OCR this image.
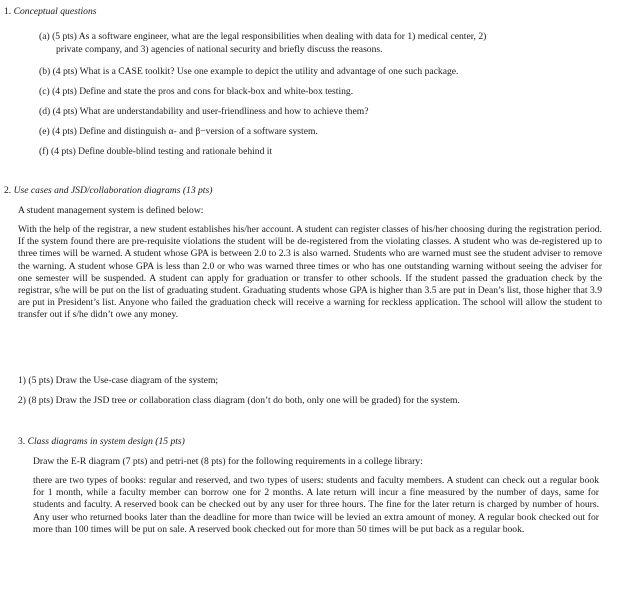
1. Conceptual questions
(a) (5 pts) As a software engineer, what are the legal responsibilities when dealing with data for 1) medical center, 2)
private company, and 3) agencies of national security and briefly discuss the reasons.
(b) (4 pts) What is a CASE toolkit? Use one example to depict the utility and advantage of one such package.
(c) (4 pts) Define and state the pros and cons for black-box and white-box testing.
(d) (4 pts) What are understandability and user-friendliness and how to achieve them?
(e) (4 pts) Define and distinguish α- and β−version of a software system.
(f) (4 pts) Define double-blind testing and rationale behind it
2. Use cases and JSD/collaboration diagrams (13 pts)
A student management system is defined below:
With the help of the registrar, a new student establishes his/her account. A student can register classes of his/her choosing during the registration period. If the system found there are pre-requisite violations the student will be de-registered from the violating classes. A student who was de-registered up to three times will be warned. A student whose GPA is between 2.0 to 2.3 is also warned. Students who are warned must see the student adviser to remove the warning. A student whose GPA is less than 2.0 or who was warned three times or who has one outstanding warning without seeing the adviser for one semester will be suspended. A student can apply for graduation or transfer to other schools. If the student passed the graduation check by the registrar, s/he will be put on the list of graduating student. Graduating students whose GPA is higher than 3.5 are put in Dean’s list, those higher that 3.9 are put in President’s list. Anyone who failed the graduation check will receive a warning for reckless application. The school will allow the student to transfer out if s/he didn’t owe any money.
1) (5 pts) Draw the Use-case diagram of the system;
2) (8 pts) Draw the JSD tree or collaboration class diagram (don’t do both, only one will be graded) for the system.
3. Class diagrams in system design (15 pts)
Draw the E-R diagram (7 pts) and petri-net (8 pts) for the following requirements in a college library:
there are two types of books: regular and reserved, and two types of users: students and faculty members. A student can check out a regular book for 1 month, while a faculty member can borrow one for 2 months. A late return will incur a fine measured by the number of days, same for students and faculty. A reserved book can be checked out by any user for three hours. The fine for the later return is charged by number of hours. Any user who returned books later than the deadline for more than twice will be levied an extra amount of money. A regular book checked out for more than 100 times will be put on sale. A reserved book checked out for more than 50 times will be put back as a regular book.
